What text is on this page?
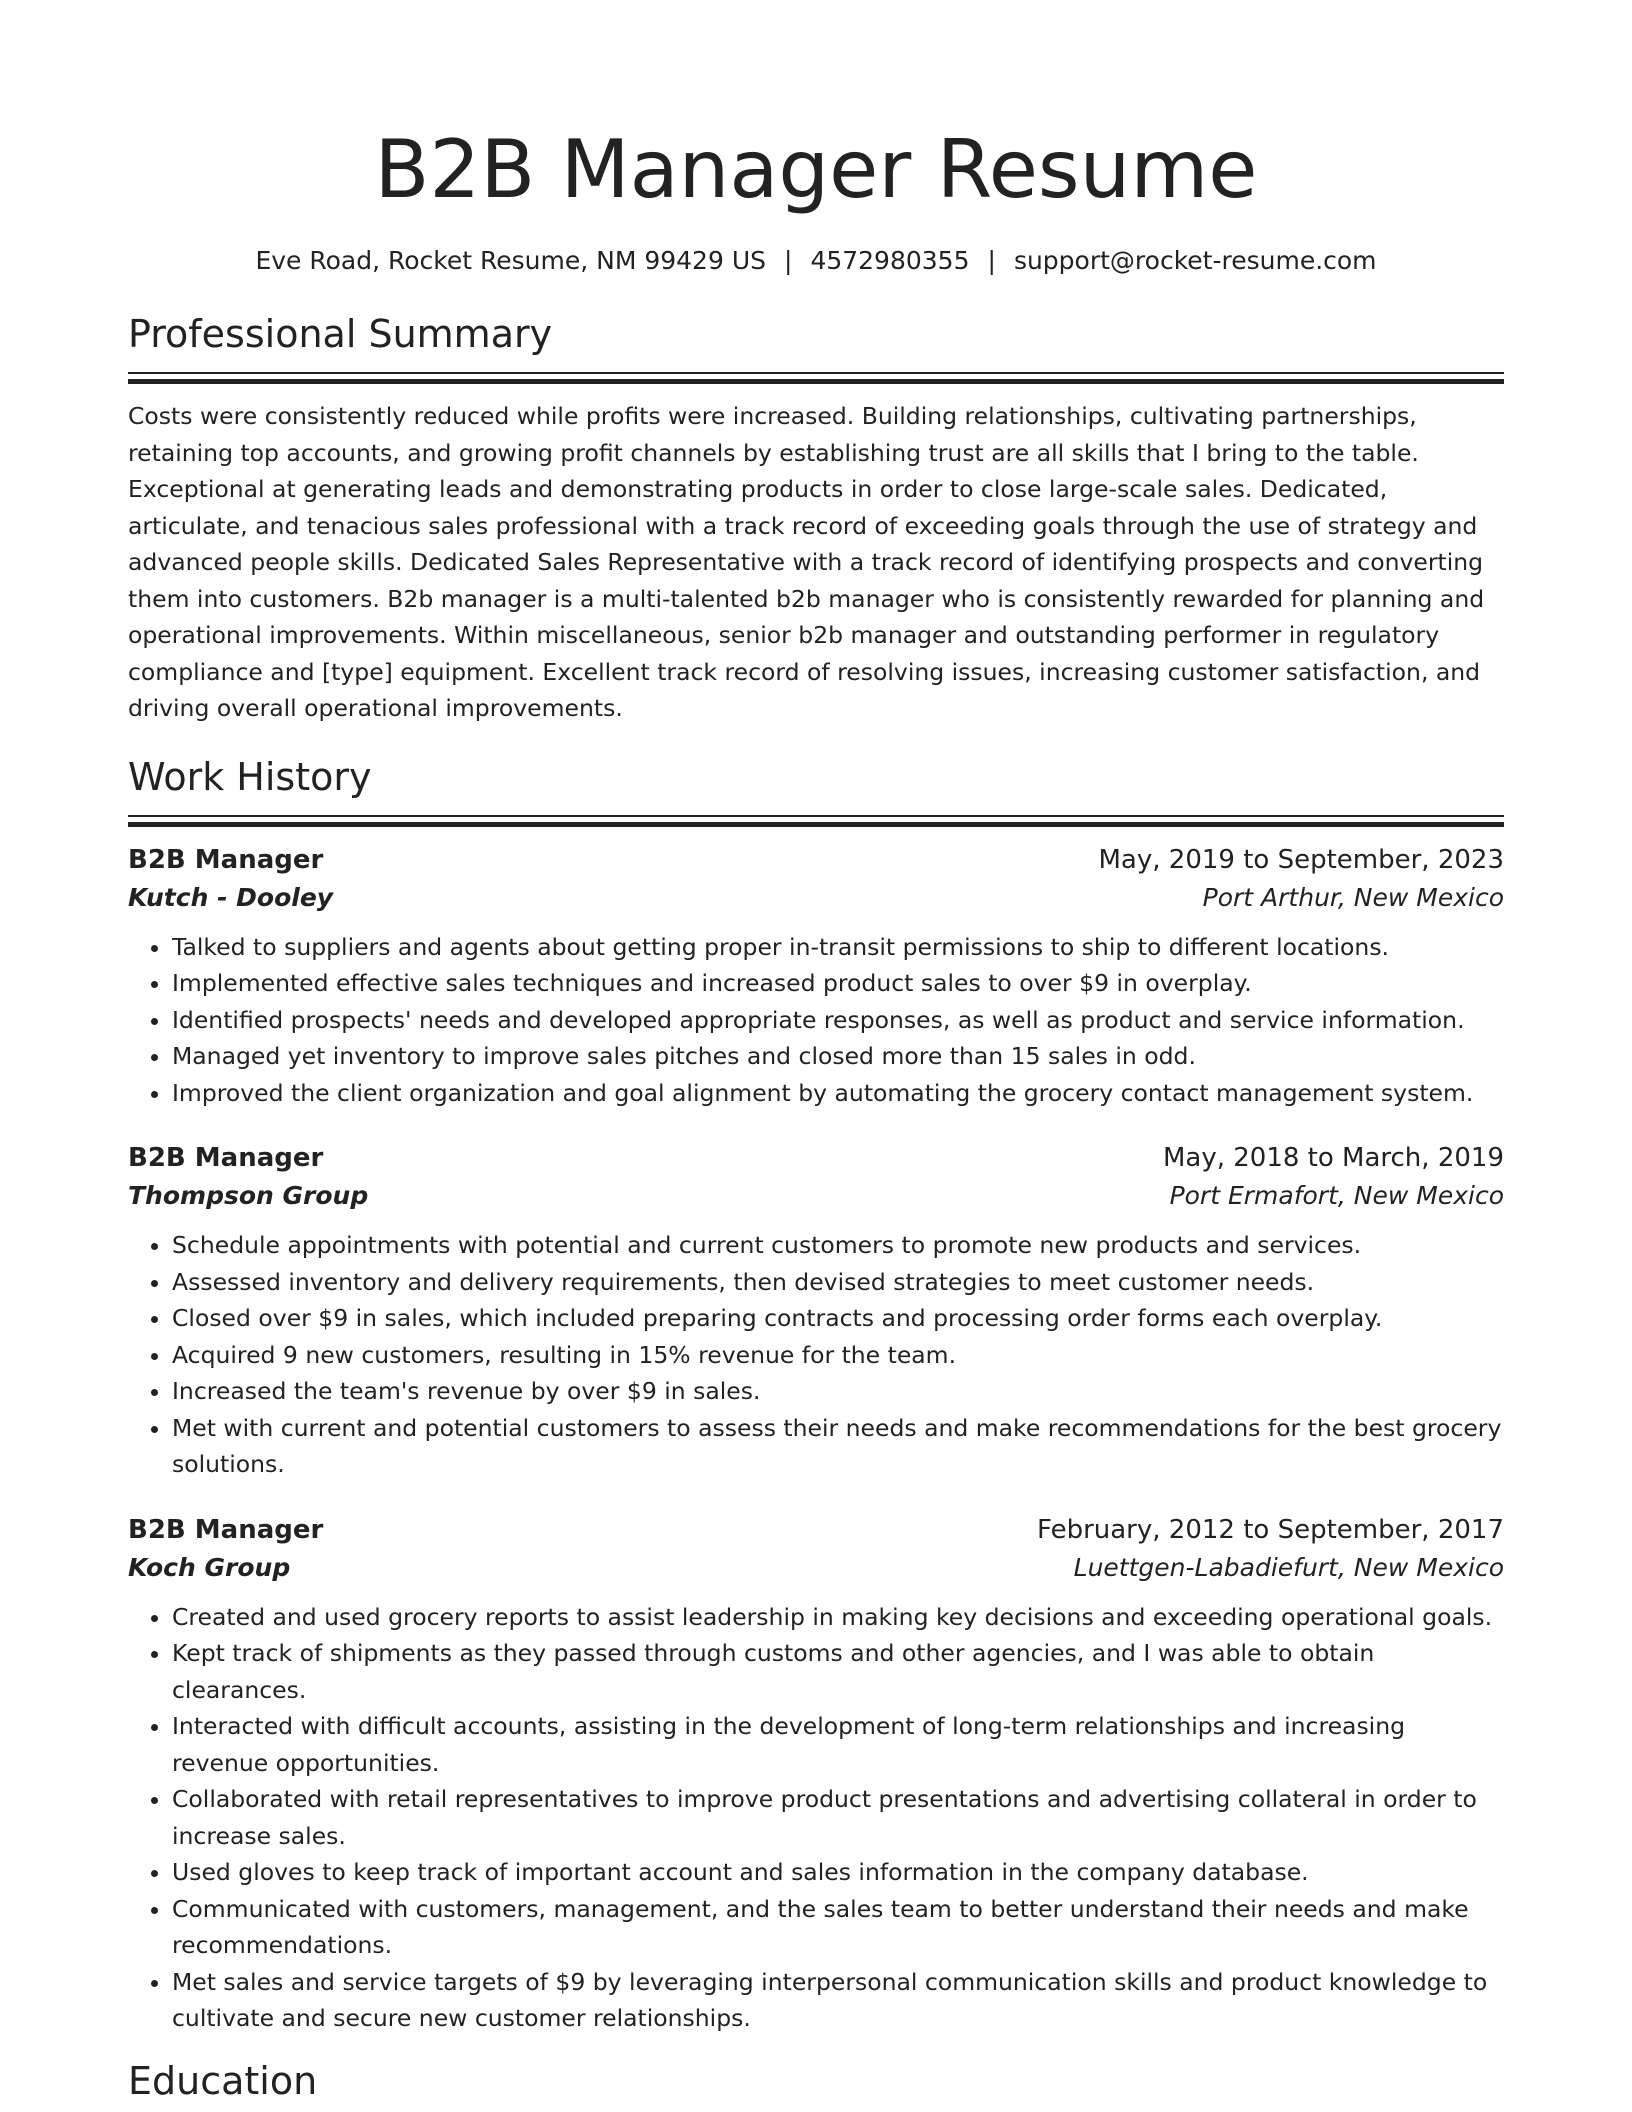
B2B Manager Resume
Eve Road, Rocket Resume, NM 99429 US | 4572980355 | support@rocket-resume.com
Professional Summary

Costs were consistently reduced while profits were increased. Building relationships, cultivating partnerships, retaining top accounts, and growing profit channels by establishing trust are all skills that I bring to the table. Exceptional at generating leads and demonstrating products in order to close large-scale sales. Dedicated, articulate, and tenacious sales professional with a track record of exceeding goals through the use of strategy and advanced people skills. Dedicated Sales Representative with a track record of identifying prospects and converting them into customers. B2b manager is a multi-talented b2b manager who is consistently rewarded for planning and operational improvements. Within miscellaneous, senior b2b manager and outstanding performer in regulatory compliance and [type] equipment. Excellent track record of resolving issues, increasing customer satisfaction, and driving overall operational improvements.

Work History
B2B Manager	May, 2019 to September, 2023
Kutch - Dooley	Port Arthur, New Mexico
• Talked to suppliers and agents about getting proper in-transit permissions to ship to different locations.
• Implemented effective sales techniques and increased product sales to over $9 in overplay.
• Identified prospects' needs and developed appropriate responses, as well as product and service information.
• Managed yet inventory to improve sales pitches and closed more than 15 sales in odd.
• Improved the client organization and goal alignment by automating the grocery contact management system.
B2B Manager	May, 2018 to March, 2019
Thompson Group	Port Ermafort, New Mexico
• Schedule appointments with potential and current customers to promote new products and services.
• Assessed inventory and delivery requirements, then devised strategies to meet customer needs.
• Closed over $9 in sales, which included preparing contracts and processing order forms each overplay.
• Acquired 9 new customers, resulting in 15% revenue for the team.
• Increased the team's revenue by over $9 in sales.
• Met with current and potential customers to assess their needs and make recommendations for the best grocery solutions.
B2B Manager	February, 2012 to September, 2017
Koch Group	Luettgen-Labadiefurt, New Mexico
• Created and used grocery reports to assist leadership in making key decisions and exceeding operational goals.
• Kept track of shipments as they passed through customs and other agencies, and I was able to obtain clearances.
• Interacted with difficult accounts, assisting in the development of long-term relationships and increasing revenue opportunities.
• Collaborated with retail representatives to improve product presentations and advertising collateral in order to increase sales.
• Used gloves to keep track of important account and sales information in the company database.
• Communicated with customers, management, and the sales team to better understand their needs and make recommendations.
• Met sales and service targets of $9 by leveraging interpersonal communication skills and product knowledge to cultivate and secure new customer relationships.
Education
